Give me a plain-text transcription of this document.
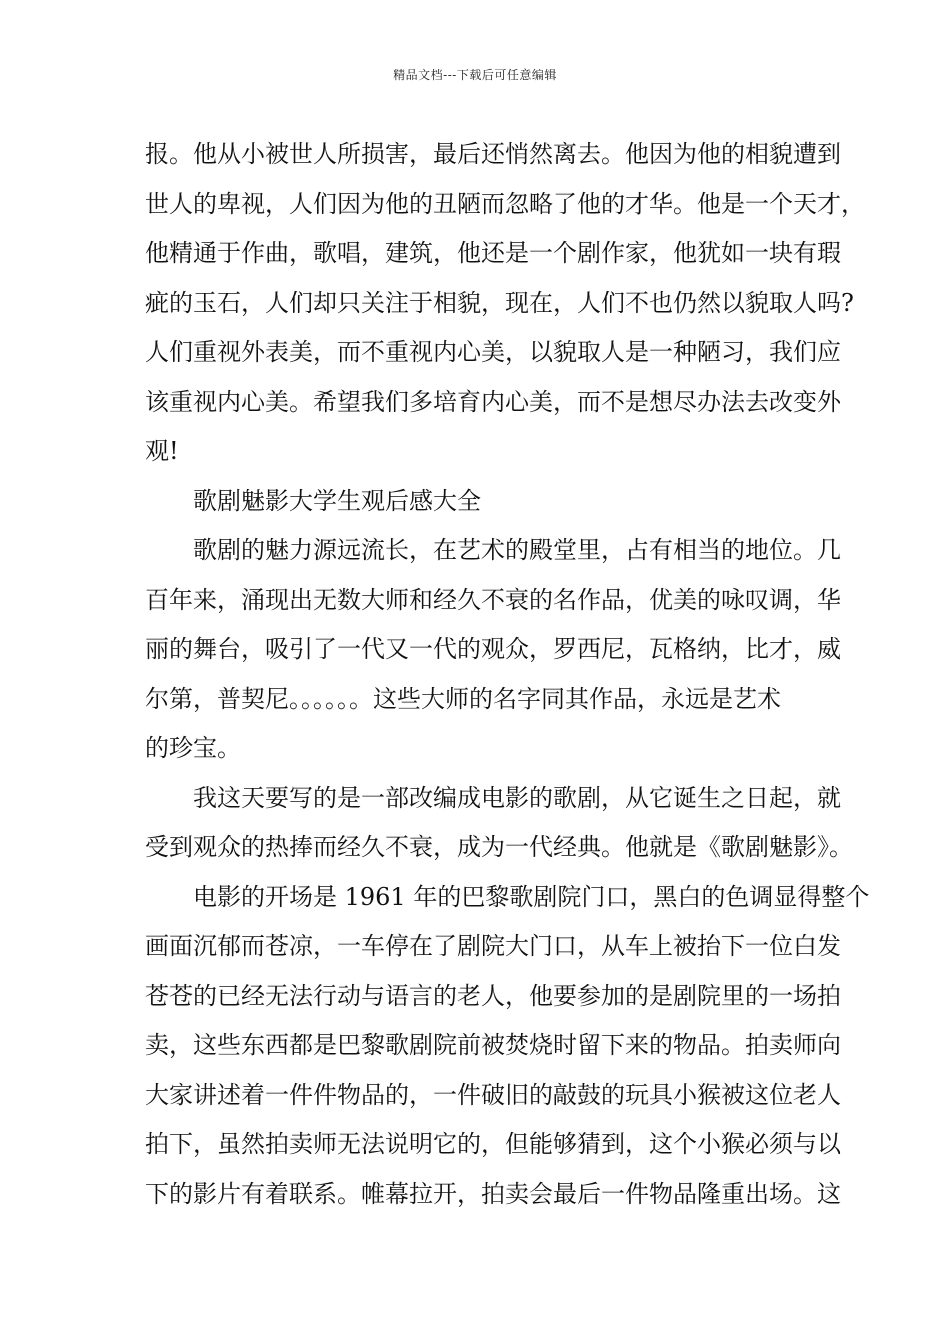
精品文档---下载后可任意编辑
报。他从小被世人所损害，最后还悄然离去。他因为他的相貌遭到
世人的卑视，人们因为他的丑陋而忽略了他的才华。他是一个天才，
他精通于作曲，歌唱，建筑，他还是一个剧作家，他犹如一块有瑕
疵的玉石，人们却只关注于相貌，现在，人们不也仍然以貌取人吗?
人们重视外表美，而不重视内心美，以貌取人是一种陋习，我们应
该重视内心美。希望我们多培育内心美，而不是想尽办法去改变外
观!
歌剧魅影大学生观后感大全
歌剧的魅力源远流长，在艺术的殿堂里，占有相当的地位。几
百年来，涌现出无数大师和经久不衰的名作品，优美的咏叹调，华
丽的舞台，吸引了一代又一代的观众，罗西尼，瓦格纳，比才，威
尔第，普契尼。。。。。。这些大师的名字同其作品，永远是艺术
的珍宝。
我这天要写的是一部改编成电影的歌剧，从它诞生之日起，就
受到观众的热捧而经久不衰，成为一代经典。他就是《歌剧魅影》。
电影的开场是 1961 年的巴黎歌剧院门口，黑白的色调显得整个
画面沉郁而苍凉，一车停在了剧院大门口，从车上被抬下一位白发
苍苍的已经无法行动与语言的老人，他要参加的是剧院里的一场拍
卖，这些东西都是巴黎歌剧院前被焚烧时留下来的物品。拍卖师向
大家讲述着一件件物品的，一件破旧的敲鼓的玩具小猴被这位老人
拍下，虽然拍卖师无法说明它的，但能够猜到，这个小猴必须与以
下的影片有着联系。帷幕拉开，拍卖会最后一件物品隆重出场。这
